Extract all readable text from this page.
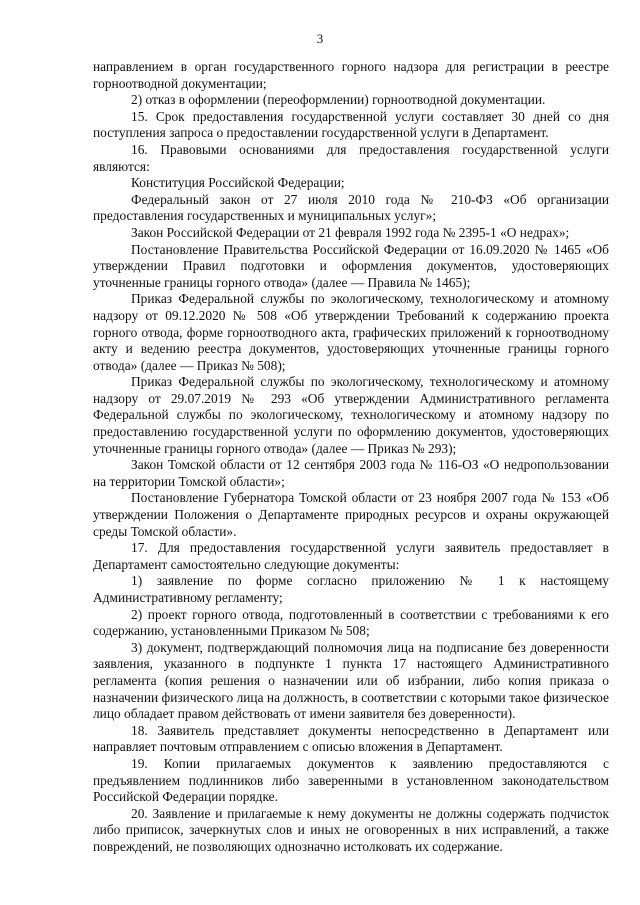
3

направлением в орган государственного горного надзора для регистрации в реестре горноотводной документации;

2) отказ в оформлении (переоформлении) горноотводной документации.

15. Срок предоставления государственной услуги составляет 30 дней со дня поступления запроса о предоставлении государственной услуги в Департамент.

16. Правовыми основаниями для предоставления государственной услуги являются:

Конституция Российской Федерации;

Федеральный закон от 27 июля 2010 года № 210-ФЗ «Об организации предоставления государственных и муниципальных услуг»;

Закон Российской Федерации от 21 февраля 1992 года № 2395-1 «О недрах»;

Постановление Правительства Российской Федерации от 16.09.2020 № 1465 «Об утверждении Правил подготовки и оформления документов, удостоверяющих уточненные границы горного отвода» (далее — Правила № 1465);

Приказ Федеральной службы по экологическому, технологическому и атомному надзору от 09.12.2020 № 508 «Об утверждении Требований к содержанию проекта горного отвода, форме горноотводного акта, графических приложений к горноотводному акту и ведению реестра документов, удостоверяющих уточненные границы горного отвода» (далее — Приказ № 508);

Приказ Федеральной службы по экологическому, технологическому и атомному надзору от 29.07.2019 № 293 «Об утверждении Административного регламента Федеральной службы по экологическому, технологическому и атомному надзору по предоставлению государственной услуги по оформлению документов, удостоверяющих уточненные границы горного отвода» (далее — Приказ № 293);

Закон Томской области от 12 сентября 2003 года № 116-ОЗ «О недропользовании на территории Томской области»;

Постановление Губернатора Томской области от 23 ноября 2007 года № 153 «Об утверждении Положения о Департаменте природных ресурсов и охраны окружающей среды Томской области».

17. Для предоставления государственной услуги заявитель предоставляет в Департамент самостоятельно следующие документы:

1) заявление по форме согласно приложению № 1 к настоящему Административному регламенту;

2) проект горного отвода, подготовленный в соответствии с требованиями к его содержанию, установленными Приказом № 508;

3) документ, подтверждающий полномочия лица на подписание без доверенности заявления, указанного в подпункте 1 пункта 17 настоящего Административного регламента (копия решения о назначении или об избрании, либо копия приказа о назначении физического лица на должность, в соответствии с которыми такое физическое лицо обладает правом действовать от имени заявителя без доверенности).

18. Заявитель представляет документы непосредственно в Департамент или направляет почтовым отправлением с описью вложения в Департамент.

19. Копии прилагаемых документов к заявлению предоставляются с предъявлением подлинников либо заверенными в установленном законодательством Российской Федерации порядке.

20. Заявление и прилагаемые к нему документы не должны содержать подчисток либо приписок, зачеркнутых слов и иных не оговоренных в них исправлений, а также повреждений, не позволяющих однозначно истолковать их содержание.
